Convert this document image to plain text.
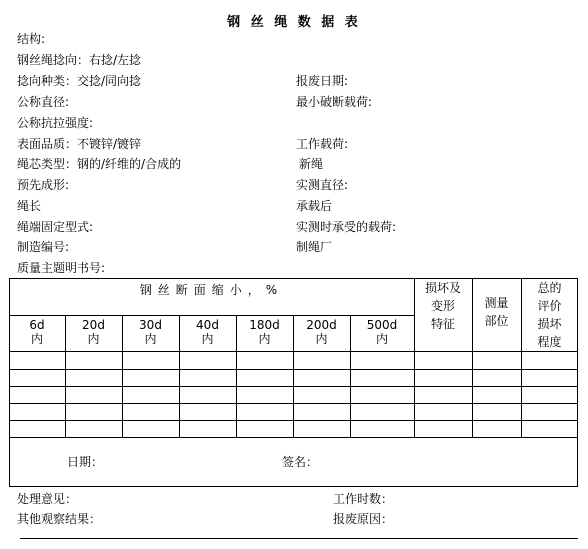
钢 丝 绳 数 据 表
结构:
钢丝绳捻向：右捻/左捻
捻向种类：交捻/同向捻
公称直径:
公称抗拉强度:
表面品质：不镀锌/镀锌
绳芯类型：钢的/纤维的/合成的
预先成形:
绳长
绳端固定型式:
制造编号:
质量主题明书号:
报废日期:
最小破断载荷:
工作载荷:
新绳
实测直径:
承载后
实测时承受的载荷:
制绳厂
钢丝断面缩小，%	损坏及
变形
特征
测量
部位
总的
评价
损坏
程度
6d
内
20d
内
30d
内
40d
内
180d
内
200d
内
500d
内
日期：	签名：
处理意见：
其他观察结果：
工作时数：
报废原因：
